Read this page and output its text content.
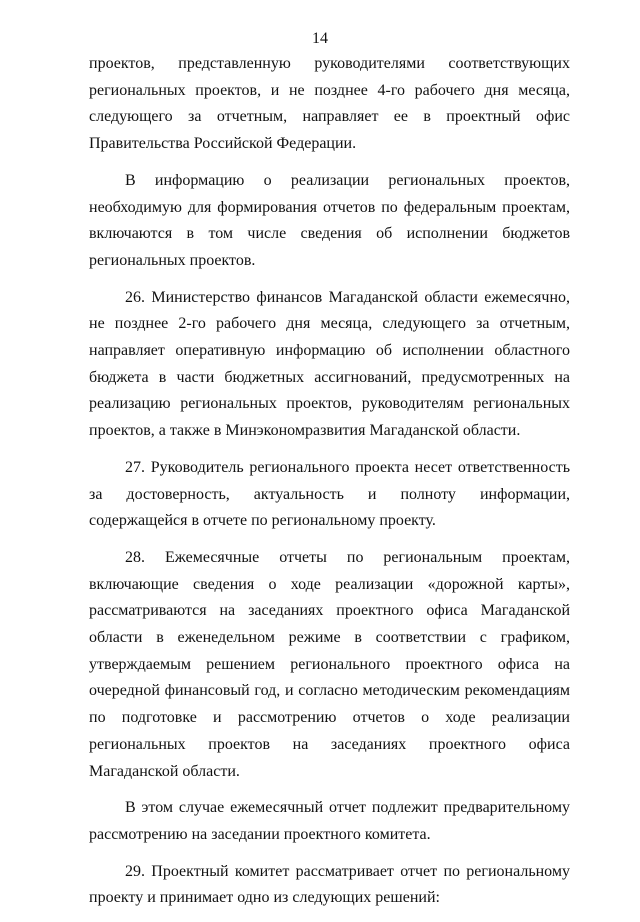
14

проектов, представленную руководителями соответствующих региональных проектов, и не позднее 4-го рабочего дня месяца, следующего за отчетным, направляет ее в проектный офис Правительства Российской Федерации.

В информацию о реализации региональных проектов, необходимую для формирования отчетов по федеральным проектам, включаются в том числе сведения об исполнении бюджетов региональных проектов.

26. Министерство финансов Магаданской области ежемесячно, не позднее 2-го рабочего дня месяца, следующего за отчетным, направляет оперативную информацию об исполнении областного бюджета в части бюджетных ассигнований, предусмотренных на реализацию региональных проектов, руководителям региональных проектов, а также в Минэкономразвития Магаданской области.

27. Руководитель регионального проекта несет ответственность за достоверность, актуальность и полноту информации, содержащейся в отчете по региональному проекту.

28. Ежемесячные отчеты по региональным проектам, включающие сведения о ходе реализации «дорожной карты», рассматриваются на заседаниях проектного офиса Магаданской области в еженедельном режиме в соответствии с графиком, утверждаемым решением регионального проектного офиса на очередной финансовый год, и согласно методическим рекомендациям по подготовке и рассмотрению отчетов о ходе реализации региональных проектов на заседаниях проектного офиса Магаданской области.

В этом случае ежемесячный отчет подлежит предварительному рассмотрению на заседании проектного комитета.

29. Проектный комитет рассматривает отчет по региональному проекту и принимает одно из следующих решений:
